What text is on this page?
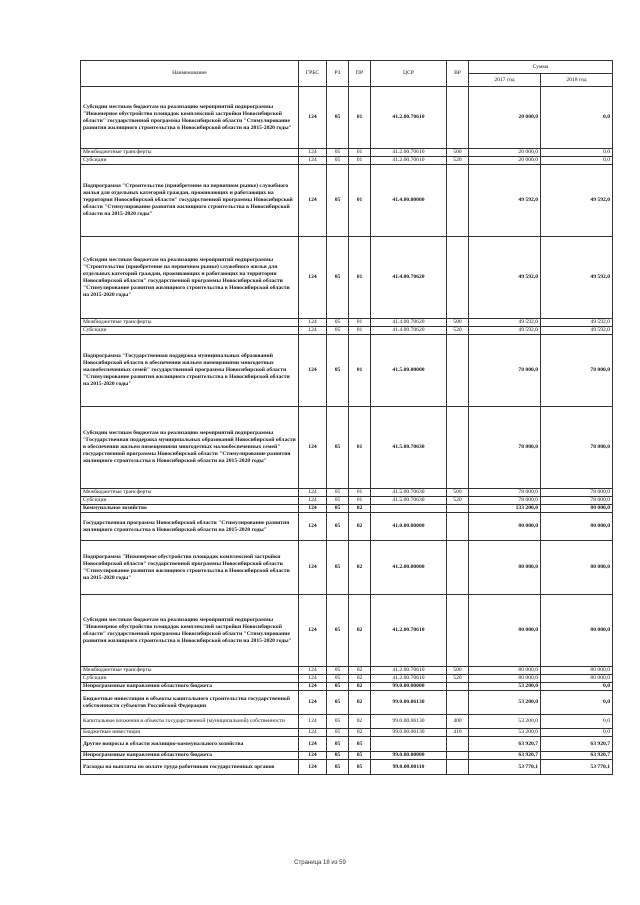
Наименование	ГРБС	РЗ	ПР	ЦСР	ВР	Сумма	
						2017 год	2018 год
Субсидии местным бюджетам на реализацию мероприятий подпрограммы "Инженерное обустройство площадок комплексной застройки Новосибирской области" государственной программы Новосибирской области "Стимулирование развития жилищного строительства в Новосибирской области на 2015-2020 годы"	124	05	01	41.2.00.70610		20 000,0	0,0
Межбюджетные трансферты	124	05	01	41.2.00.70610	500	20 000,0	0,0
Субсидии	124	05	01	41.2.00.70610	520	20 000,0	0,0
Подпрограмма "Строительство (приобретение на первичном рынке) служебного жилья для отдельных категорий граждан, проживающих и работающих на территории Новосибирской области" государственной программы Новосибирской области "Стимулирование развития жилищного строительства в Новосибирской области на 2015-2020 годы"	124	05	01	41.4.00.00000		49 592,0	49 592,0
Субсидии местным бюджетам на реализацию мероприятий подпрограммы "Строительство (приобретение на первичном рынке) служебного жилья для отдельных категорий граждан, проживающих и работающих на территории Новосибирской области" государственной программы Новосибирской области "Стимулирование развития жилищного строительства в Новосибирской области на 2015-2020 годы"	124	05	01	41.4.00.70620		49 592,0	49 592,0
Межбюджетные трансферты	124	05	01	41.4.00.70620	500	49 592,0	49 592,0
Субсидии	124	05	01	41.4.00.70620	520	49 592,0	49 592,0
Подпрограмма "Государственная поддержка муниципальных образований Новосибирской области в обеспечении жильем помещениями многодетных малообеспеченных семей" государственной программы Новосибирской области "Стимулирование развития жилищного строительства в Новосибирской области на 2015-2020 годы"	124	05	01	41.5.00.00000		78 000,0	78 000,0
Субсидии местным бюджетам на реализацию мероприятий подпрограммы "Государственная поддержка муниципальных образований Новосибирской области в обеспечении жильем помещениями многодетных малообеспеченных семей" государственной программы Новосибирской области "Стимулирование развития жилищного строительства в Новосибирской области на 2015-2020 годы"	124	05	01	41.5.00.70630		78 000,0	78 000,0
Межбюджетные трансферты	124	05	01	41.5.00.70630	500	78 000,0	78 000,0
Субсидии	124	05	01	41.5.00.70630	520	78 000,0	78 000,0
Коммунальное хозяйство	124	05	02			133 200,0	80 000,0
Государственная программа Новосибирской области "Стимулирование развития жилищного строительства в Новосибирской области на 2015-2020 годы"	124	05	02	41.0.00.00000		80 000,0	80 000,0
Подпрограмма "Инженерное обустройство площадок комплексной застройки Новосибирской области" государственной программы Новосибирской области "Стимулирование развития жилищного строительства в Новосибирской области на 2015-2020 годы"	124	05	02	41.2.00.00000		80 000,0	80 000,0
Субсидии местным бюджетам на реализацию мероприятий подпрограммы "Инженерное обустройство площадок комплексной застройки Новосибирской области" государственной программы Новосибирской области "Стимулирование развития жилищного строительства в Новосибирской области на 2015-2020 годы"	124	05	02	41.2.00.70610		80 000,0	80 000,0
Межбюджетные трансферты	124	05	02	41.2.00.70610	500	80 000,0	80 000,0
Субсидии	124	05	02	41.2.00.70610	520	80 000,0	80 000,0
Непрограммные направления областного бюджета	124	05	02	99.0.00.00000		53 200,0	0,0
Бюджетные инвестиции в объекты капитального строительства государственной собственности субъектов Российской Федерации	124	05	02	99.0.00.06130		53 200,0	0,0
Капитальные вложения в объекты государственной (муниципальной) собственности	124	05	02	99.0.00.06130	400	53 200,0	0,0
Бюджетные инвестиции	124	05	02	99.0.00.06130	410	53 200,0	0,0
Другие вопросы в области жилищно-коммунального хозяйства	124	05	05			63 920,7	63 920,7
Непрограммные направления областного бюджета	124	05	05	99.0.00.00000		63 920,7	63 920,7
Расходы на выплаты по оплате труда работников государственных органов	124	05	05	99.0.00.00110		53 770,1	53 770,1
Страница 18 из 59
